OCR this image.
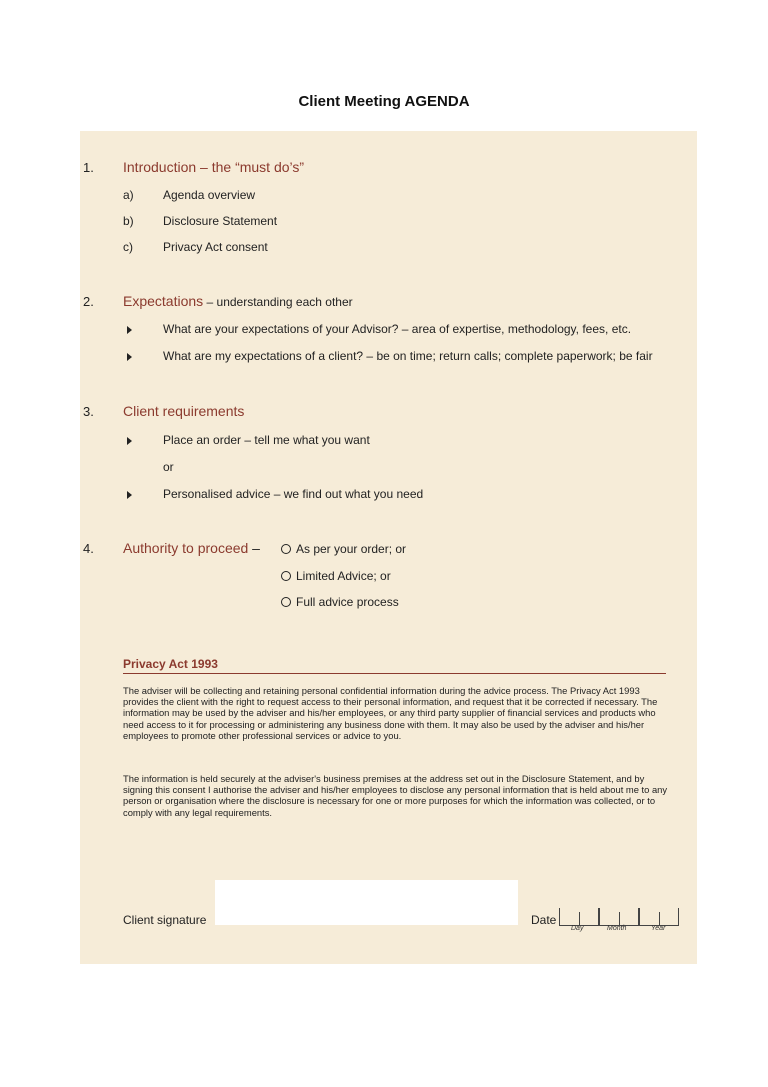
Client Meeting AGENDA
1. Introduction – the “must do’s”
a) Agenda overview
b) Disclosure Statement
c)	Privacy Act consent
2. Expectations – understanding each other
What are your expectations of your Advisor? – area of expertise, methodology, fees, etc.
What are my expectations of a client? – be on time; return calls; complete paperwork; be fair
3. Client requirements
Place an order – tell me what you want
or
Personalised advice – we find out what you need
4. Authority to proceed –	As per your order; or
Limited Advice; or
Full advice process
Privacy Act 1993
The adviser will be collecting and retaining personal confidential information during the advice process. The Privacy Act 1993 provides the client with the right to request access to their personal information, and request that it be corrected if necessary. The information may be used by the adviser and his/her employees, or any third party supplier of financial services and products who need access to it for processing or administering any business done with them. It may also be used by the adviser and his/her employees to promote other professional services or advice to you.
The information is held securely at the adviser's business premises at the address set out in the Disclosure Statement, and by signing this consent I authorise the adviser and his/her employees to disclose any personal information that is held about me to any person or organisation where the disclosure is necessary for one or more purposes for which the information was collected, or to comply with any legal requirements.
Client signature	Date
Day	Month	Year
